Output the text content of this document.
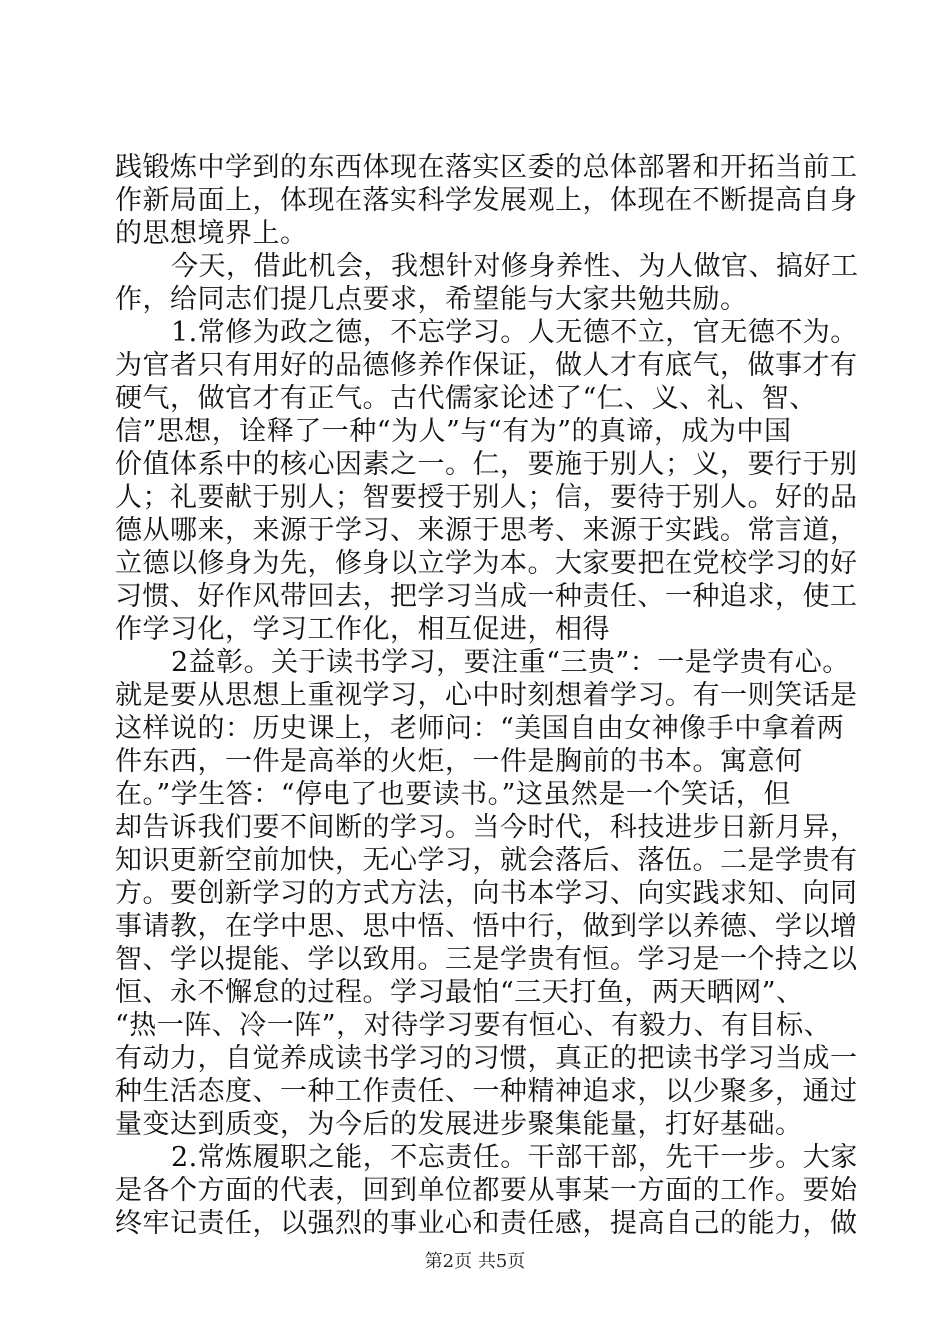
践锻炼中学到的东西体现在落实区委的总体部署和开拓当前工
作新局面上，体现在落实科学发展观上，体现在不断提高自身
的思想境界上。
今天，借此机会，我想针对修身养性、为人做官、搞好工
作，给同志们提几点要求，希望能与大家共勉共励。
1.常修为政之德，不忘学习。人无德不立，官无德不为。
为官者只有用好的品德修养作保证，做人才有底气，做事才有
硬气，做官才有正气。古代儒家论述了“仁、义、礼、智、
信”思想，诠释了一种“为人”与“有为”的真谛，成为中国
价值体系中的核心因素之一。仁，要施于别人；义，要行于别
人；礼要献于别人；智要授于别人；信，要待于别人。好的品
德从哪来，来源于学习、来源于思考、来源于实践。常言道，
立德以修身为先，修身以立学为本。大家要把在党校学习的好
习惯、好作风带回去，把学习当成一种责任、一种追求，使工
作学习化，学习工作化，相互促进，相得
2益彰。关于读书学习，要注重“三贵”：一是学贵有心。
就是要从思想上重视学习，心中时刻想着学习。有一则笑话是
这样说的：历史课上，老师问：“美国自由女神像手中拿着两
件东西，一件是高举的火炬，一件是胸前的书本。寓意何
在。”学生答：“停电了也要读书。”这虽然是一个笑话，但
却告诉我们要不间断的学习。当今时代，科技进步日新月异，
知识更新空前加快，无心学习，就会落后、落伍。二是学贵有
方。要创新学习的方式方法，向书本学习、向实践求知、向同
事请教，在学中思、思中悟、悟中行，做到学以养德、学以增
智、学以提能、学以致用。三是学贵有恒。学习是一个持之以
恒、永不懈怠的过程。学习最怕“三天打鱼，两天晒网”、
“热一阵、冷一阵”，对待学习要有恒心、有毅力、有目标、
有动力，自觉养成读书学习的习惯，真正的把读书学习当成一
种生活态度、一种工作责任、一种精神追求，以少聚多，通过
量变达到质变，为今后的发展进步聚集能量，打好基础。
2.常炼履职之能，不忘责任。干部干部，先干一步。大家
是各个方面的代表，回到单位都要从事某一方面的工作。要始
终牢记责任，以强烈的事业心和责任感，提高自己的能力，做
第2页 共5页
